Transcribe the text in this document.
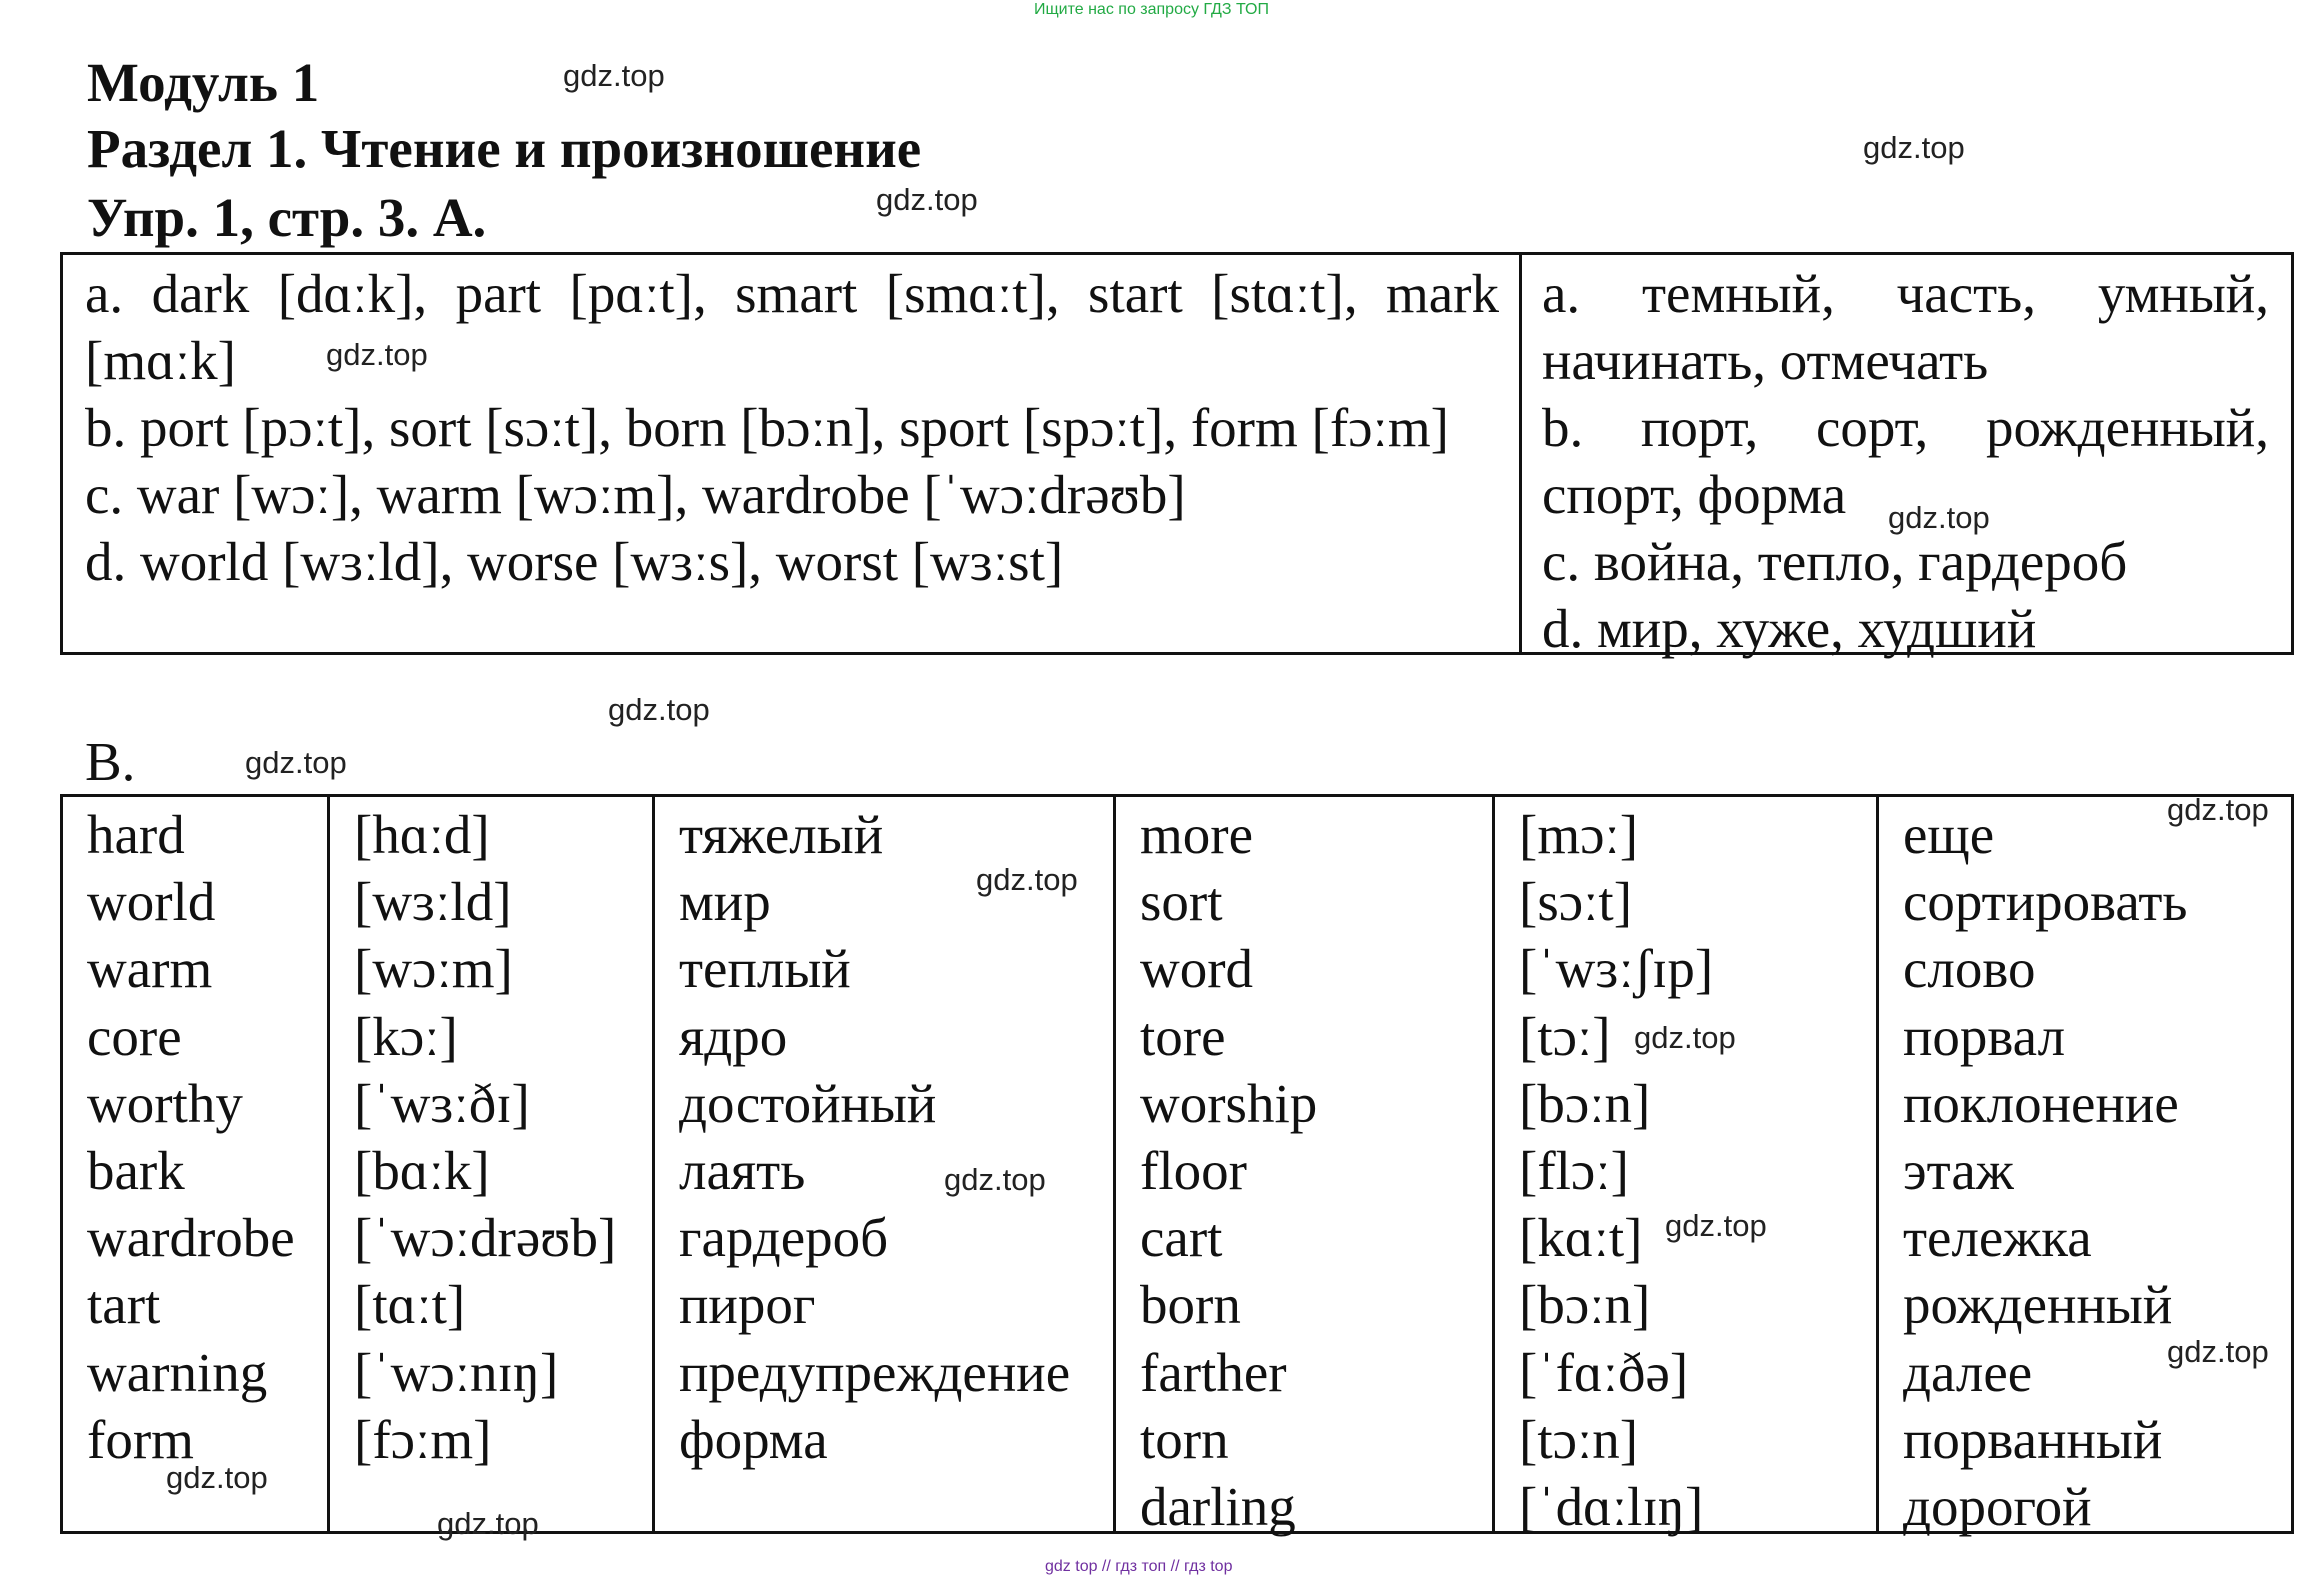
Ищите нас по запросу ГДЗ ТОП
Модуль 1
Раздел 1. Чтение и произношение
Упр. 1, стр. 3. А.
a. dark [dɑːk], part [pɑːt], smart [smɑːt], start [stɑːt], mark [mɑːk]
b. port [pɔːt], sort [sɔːt], born [bɔːn], sport [spɔːt], form [fɔːm]
c. war [wɔː], warm [wɔːm], wardrobe [ˈwɔːdrəʊb]
d. world [wɜːld], worse [wɜːs], worst [wɜːst]
a. темный, часть, умный, начинать, отмечать
b. порт, сорт, рожденный, спорт, форма
c. война, тепло, гардероб
d. мир, хуже, худший
B.
hard
world
warm
core
worthy
bark
wardrobe
tart
warning
form
[hɑːd]
[wɜːld]
[wɔːm]
[kɔː]
[ˈwɜːðɪ]
[bɑːk]
[ˈwɔːdrəʊb]
[tɑːt]
[ˈwɔːnɪŋ]
[fɔːm]
тяжелый
мир
теплый
ядро
достойный
лаять
гардероб
пирог
предупреждение
форма
more
sort
word
tore
worship
floor
cart
born
farther
torn
darling
[mɔː]
[sɔːt]
[ˈwɜːʃɪp]
[tɔː]
[bɔːn]
[flɔː]
[kɑːt]
[bɔːn]
[ˈfɑːðə]
[tɔːn]
[ˈdɑːlɪŋ]
еще
сортировать
слово
порвал
поклонение
этаж
тележка
рожденный
далее
порванный
дорогой
gdz.top
gdz.top
gdz.top
gdz.top
gdz.top
gdz.top
gdz.top
gdz.top
gdz.top
gdz.top
gdz.top
gdz.top
gdz.top
gdz.top
gdz.top
gdz top // гдз топ // гдз top
